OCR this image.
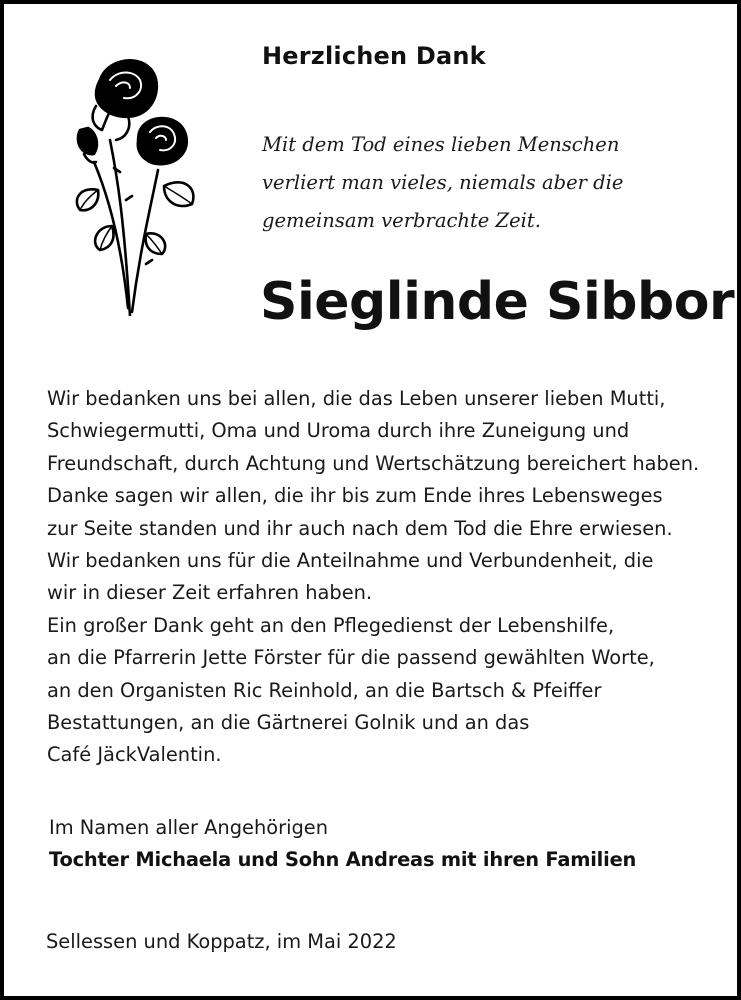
Herzlichen Dank
Mit dem Tod eines lieben Menschen
verliert man vieles, niemals aber die
gemeinsam verbrachte Zeit.
Sieglinde Sibbor
Wir bedanken uns bei allen, die das Leben unserer lieben Mutti,
Schwiegermutti, Oma und Uroma durch ihre Zuneigung und
Freundschaft, durch Achtung und Wertschätzung bereichert haben.
Danke sagen wir allen, die ihr bis zum Ende ihres Lebensweges
zur Seite standen und ihr auch nach dem Tod die Ehre erwiesen.
Wir bedanken uns für die Anteilnahme und Verbundenheit, die
wir in dieser Zeit erfahren haben.
Ein großer Dank geht an den Pflegedienst der Lebenshilfe,
an die Pfarrerin Jette Förster für die passend gewählten Worte,
an den Organisten Ric Reinhold, an die Bartsch & Pfeiffer
Bestattungen, an die Gärtnerei Golnik und an das
Café JäckValentin.
Im Namen aller Angehörigen
Tochter Michaela und Sohn Andreas mit ihren Familien
Sellessen und Koppatz, im Mai 2022
